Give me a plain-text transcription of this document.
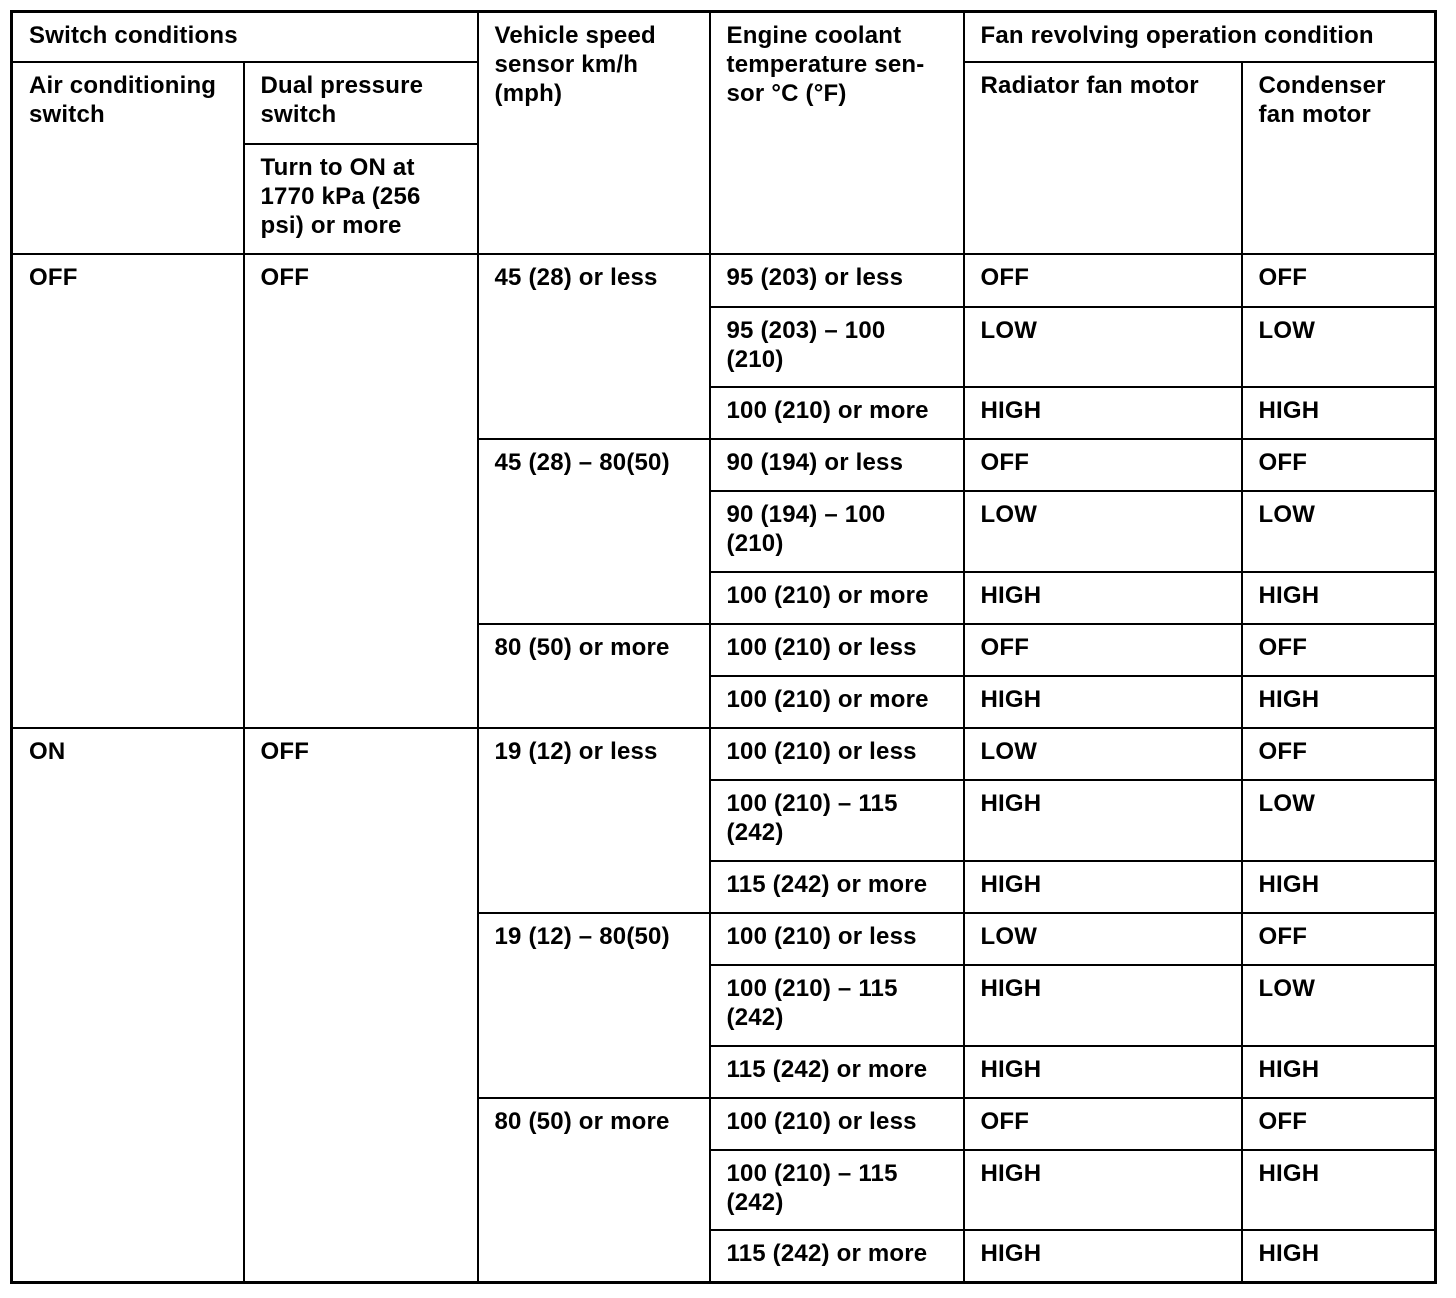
Switch conditions		Vehicle speed sensor km/h (mph)	Engine coolant temperature sen- sor °C (°F)	Fan revolving operation condition	
Air conditioning switch	Dual pressure switch			Radiator fan motor	Condenser fan motor
	Turn to ON at 1770 kPa (256 psi) or more				
OFF	OFF	45 (28) or less	95 (203) or less	OFF	OFF
			95 (203) – 100 (210)	LOW	LOW
			100 (210) or more	HIGH	HIGH
		45 (28) – 80(50)	90 (194) or less	OFF	OFF
			90 (194) – 100 (210)	LOW	LOW
			100 (210) or more	HIGH	HIGH
		80 (50) or more	100 (210) or less	OFF	OFF
			100 (210) or more	HIGH	HIGH
ON	OFF	19 (12) or less	100 (210) or less	LOW	OFF
			100 (210) – 115 (242)	HIGH	LOW
			115 (242) or more	HIGH	HIGH
		19 (12) – 80(50)	100 (210) or less	LOW	OFF
			100 (210) – 115 (242)	HIGH	LOW
			115 (242) or more	HIGH	HIGH
		80 (50) or more	100 (210) or less	OFF	OFF
			100 (210) – 115 (242)	HIGH	HIGH
			115 (242) or more	HIGH	HIGH
